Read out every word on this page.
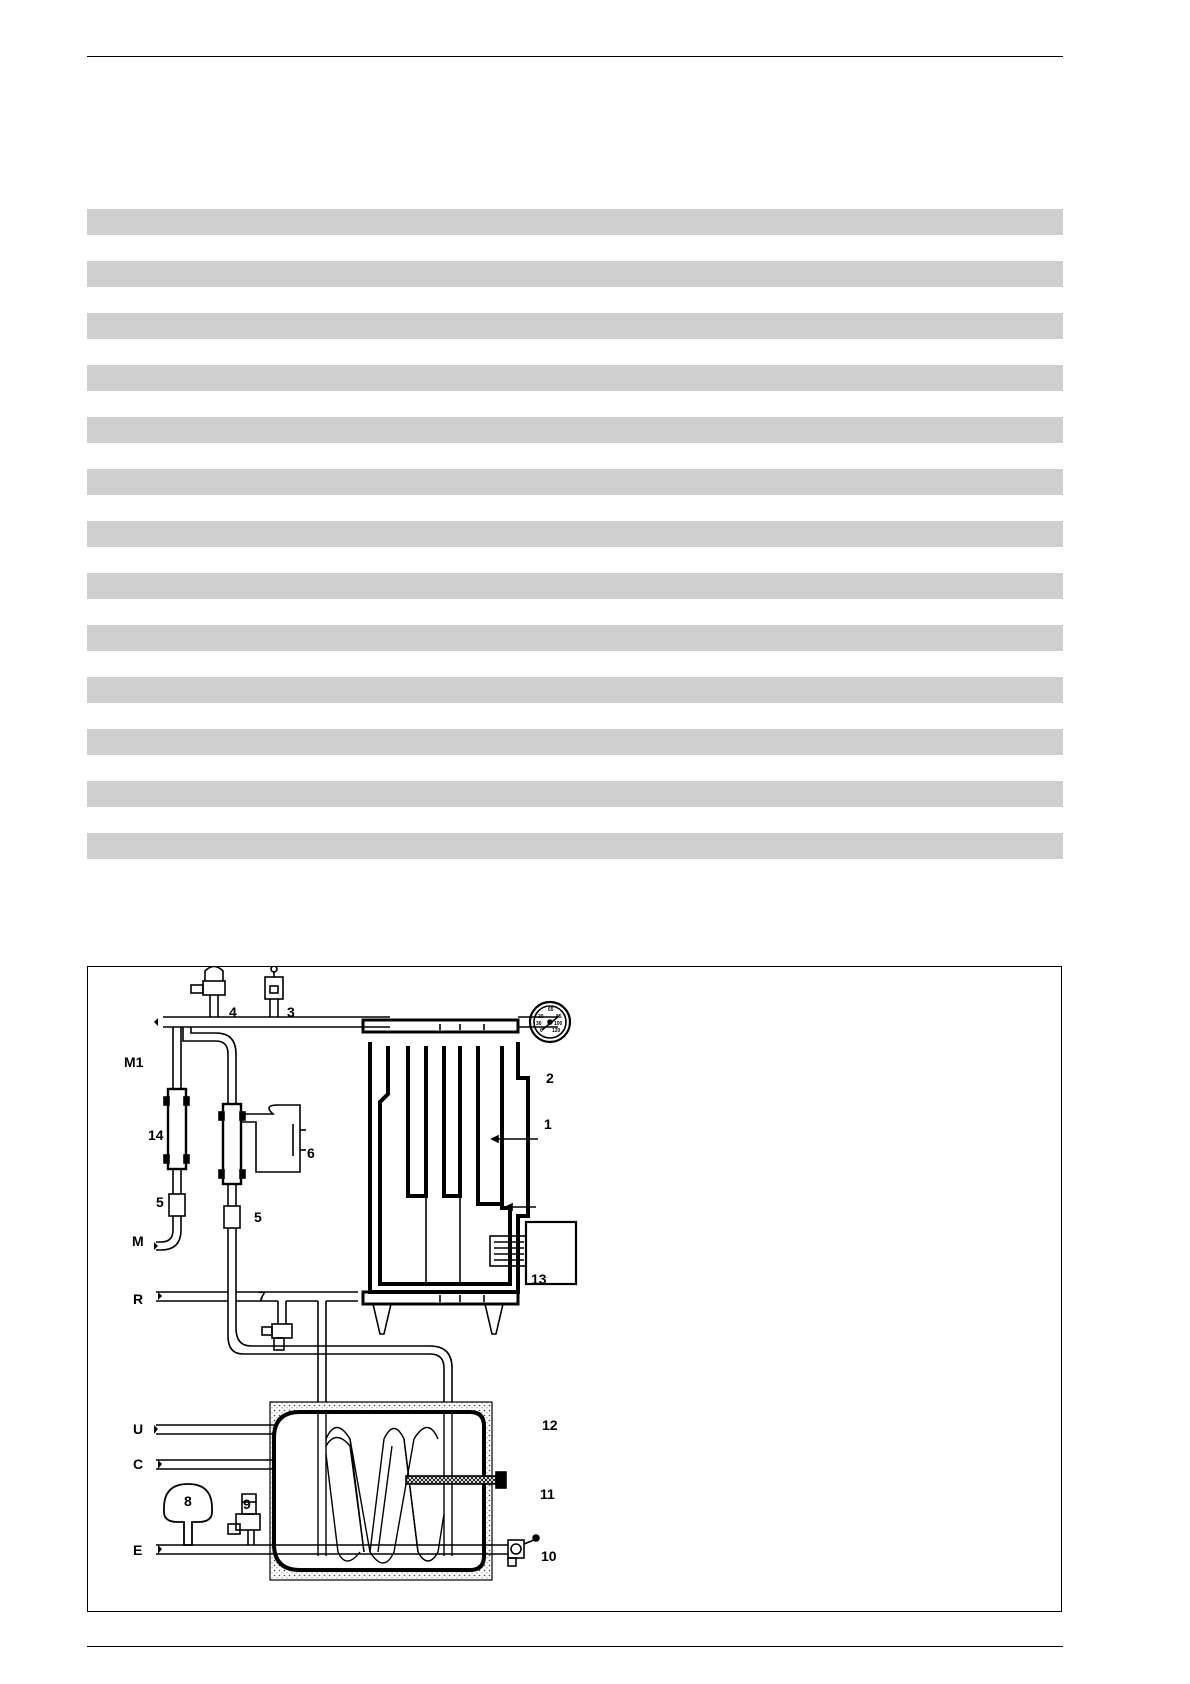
65
20 85
30 100
0 120
4	3
2
1
14
6
5
5
13
7
12
11
8	9
10
M1
M
R
U
C
E
